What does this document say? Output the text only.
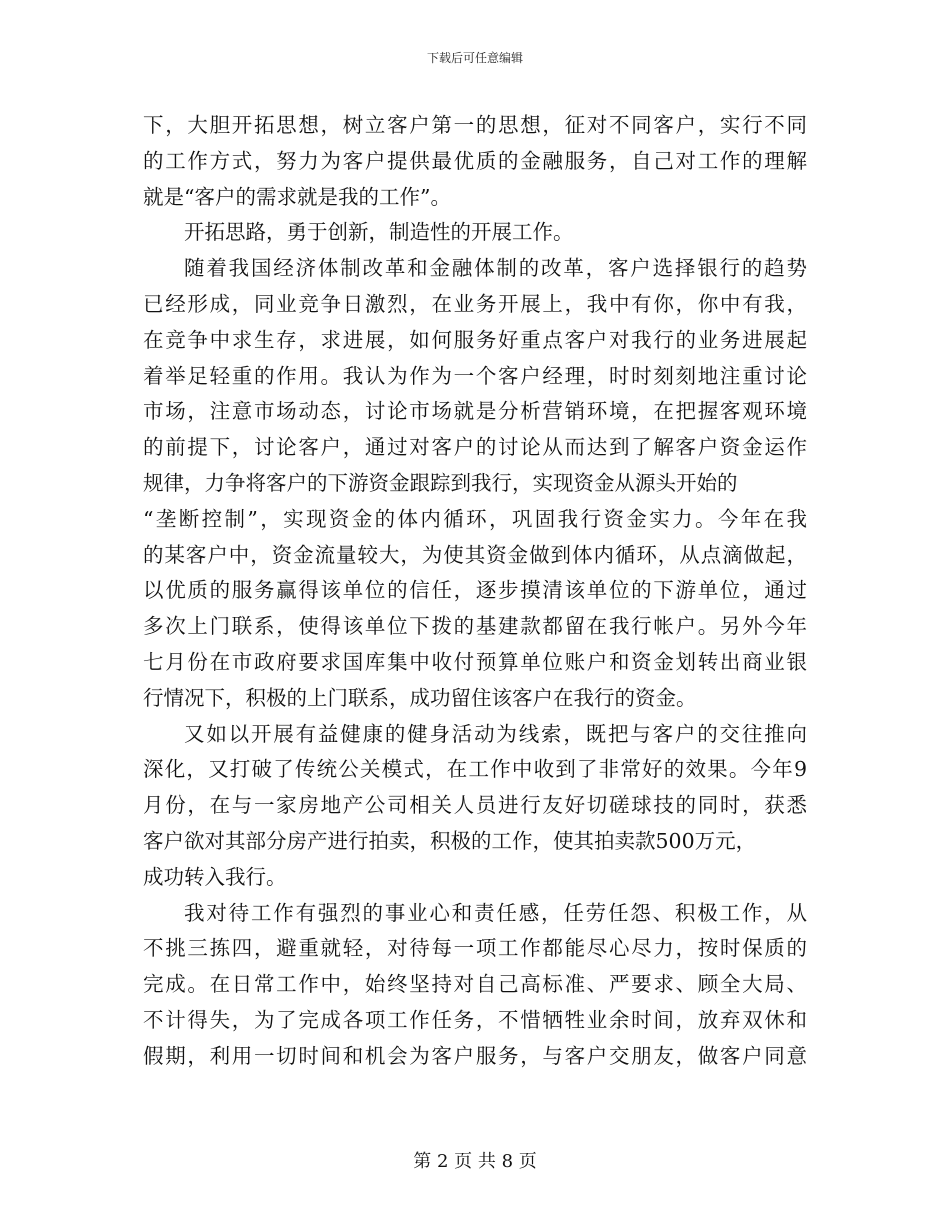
下载后可任意编辑
下，大胆开拓思想，树立客户第一的思想，征对不同客户，实行不同
的工作方式，努力为客户提供最优质的金融服务，自己对工作的理解
就是“客户的需求就是我的工作”。
开拓思路，勇于创新，制造性的开展工作。
随着我国经济体制改革和金融体制的改革，客户选择银行的趋势
已经形成，同业竞争日激烈，在业务开展上，我中有你，你中有我，
在竞争中求生存，求进展，如何服务好重点客户对我行的业务进展起
着举足轻重的作用。我认为作为一个客户经理，时时刻刻地注重讨论
市场，注意市场动态，讨论市场就是分析营销环境，在把握客观环境
的前提下，讨论客户，通过对客户的讨论从而达到了解客户资金运作
规律，力争将客户的下游资金跟踪到我行，实现资金从源头开始的
“垄断控制”，实现资金的体内循环，巩固我行资金实力。今年在我
的某客户中，资金流量较大，为使其资金做到体内循环，从点滴做起，
以优质的服务赢得该单位的信任，逐步摸清该单位的下游单位，通过
多次上门联系，使得该单位下拨的基建款都留在我行帐户。另外今年
七月份在市政府要求国库集中收付预算单位账户和资金划转出商业银
行情况下，积极的上门联系，成功留住该客户在我行的资金。
又如以开展有益健康的健身活动为线索，既把与客户的交往推向
深化，又打破了传统公关模式，在工作中收到了非常好的效果。今年9
月份，在与一家房地产公司相关人员进行友好切磋球技的同时，获悉
客户欲对其部分房产进行拍卖，积极的工作，使其拍卖款500万元，
成功转入我行。
我对待工作有强烈的事业心和责任感，任劳任怨、积极工作，从
不挑三拣四，避重就轻，对待每一项工作都能尽心尽力，按时保质的
完成。在日常工作中，始终坚持对自己高标准、严要求、顾全大局、
不计得失，为了完成各项工作任务，不惜牺牲业余时间，放弃双休和
假期，利用一切时间和机会为客户服务，与客户交朋友，做客户同意
第 2 页 共 8 页
